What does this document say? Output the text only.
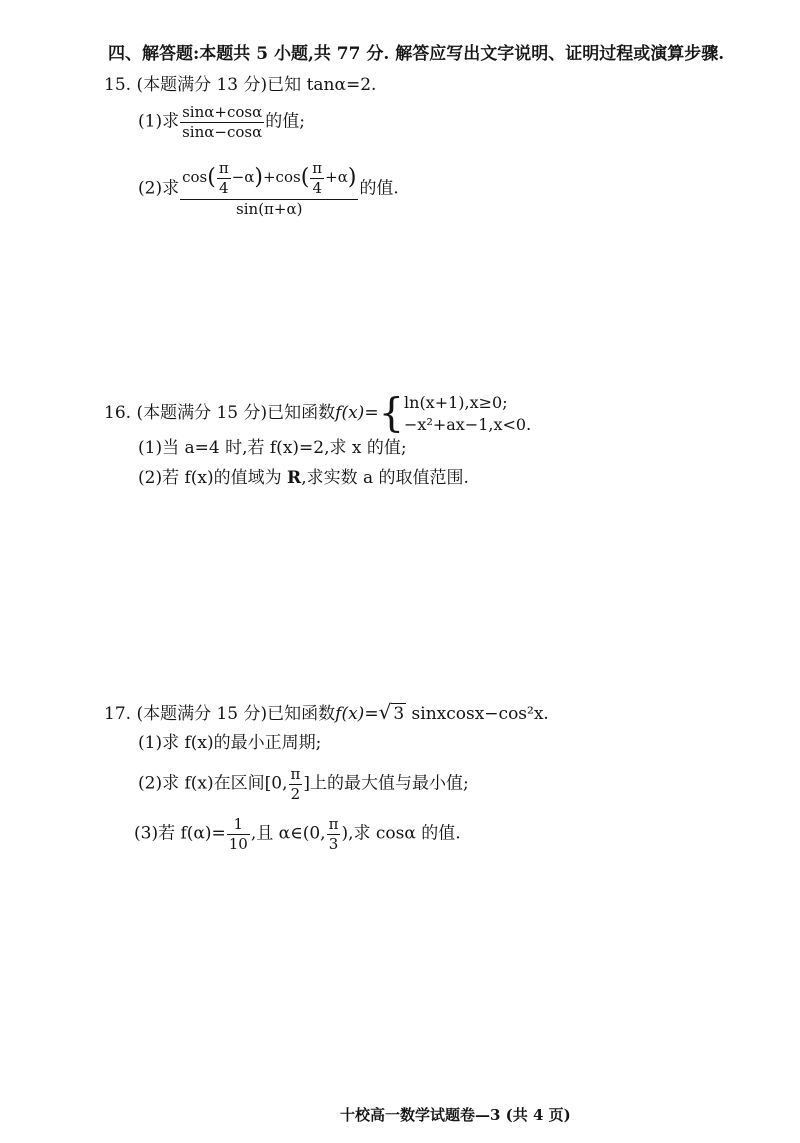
四、解答题:本题共 5 小题,共 77 分. 解答应写出文字说明、证明过程或演算步骤.
15. (本题满分 13 分)已知 tanα=2.
(1)求 $\frac{\sin\alpha+\cos\alpha}{\sin\alpha-\cos\alpha}$ 的值;
(2)求 $\frac{\cos( \frac{\pi}{4} -\alpha)+\cos( \frac{\pi}{4} +\alpha)}{\sin(\pi+\alpha)}$ 的值.
16. (本题满分 15 分)已知函数f(x)={ ln(x+1),x≥0;
−x²+ax−1,x<0.
(1)当 a=4 时,若 f(x)=2,求 x 的值;
(2)若 f(x)的值域为 R,求实数 a 的取值范围.
17. (本题满分 15 分)已知函数f(x)=√ 3 sinxcosx−cos²x.
(1)求 f(x)的最小正周期;
(2)求 f(x)在区间[0, $\frac{\pi}{2}$ ]上的最大值与最小值;
(3)若 $f(\alpha)= \frac{1}{10}$ ,且 α∈(0, $\frac{\pi}{3}$ ),求 cosα 的值.
十校高一数学试题卷—3 (共 4 页)
